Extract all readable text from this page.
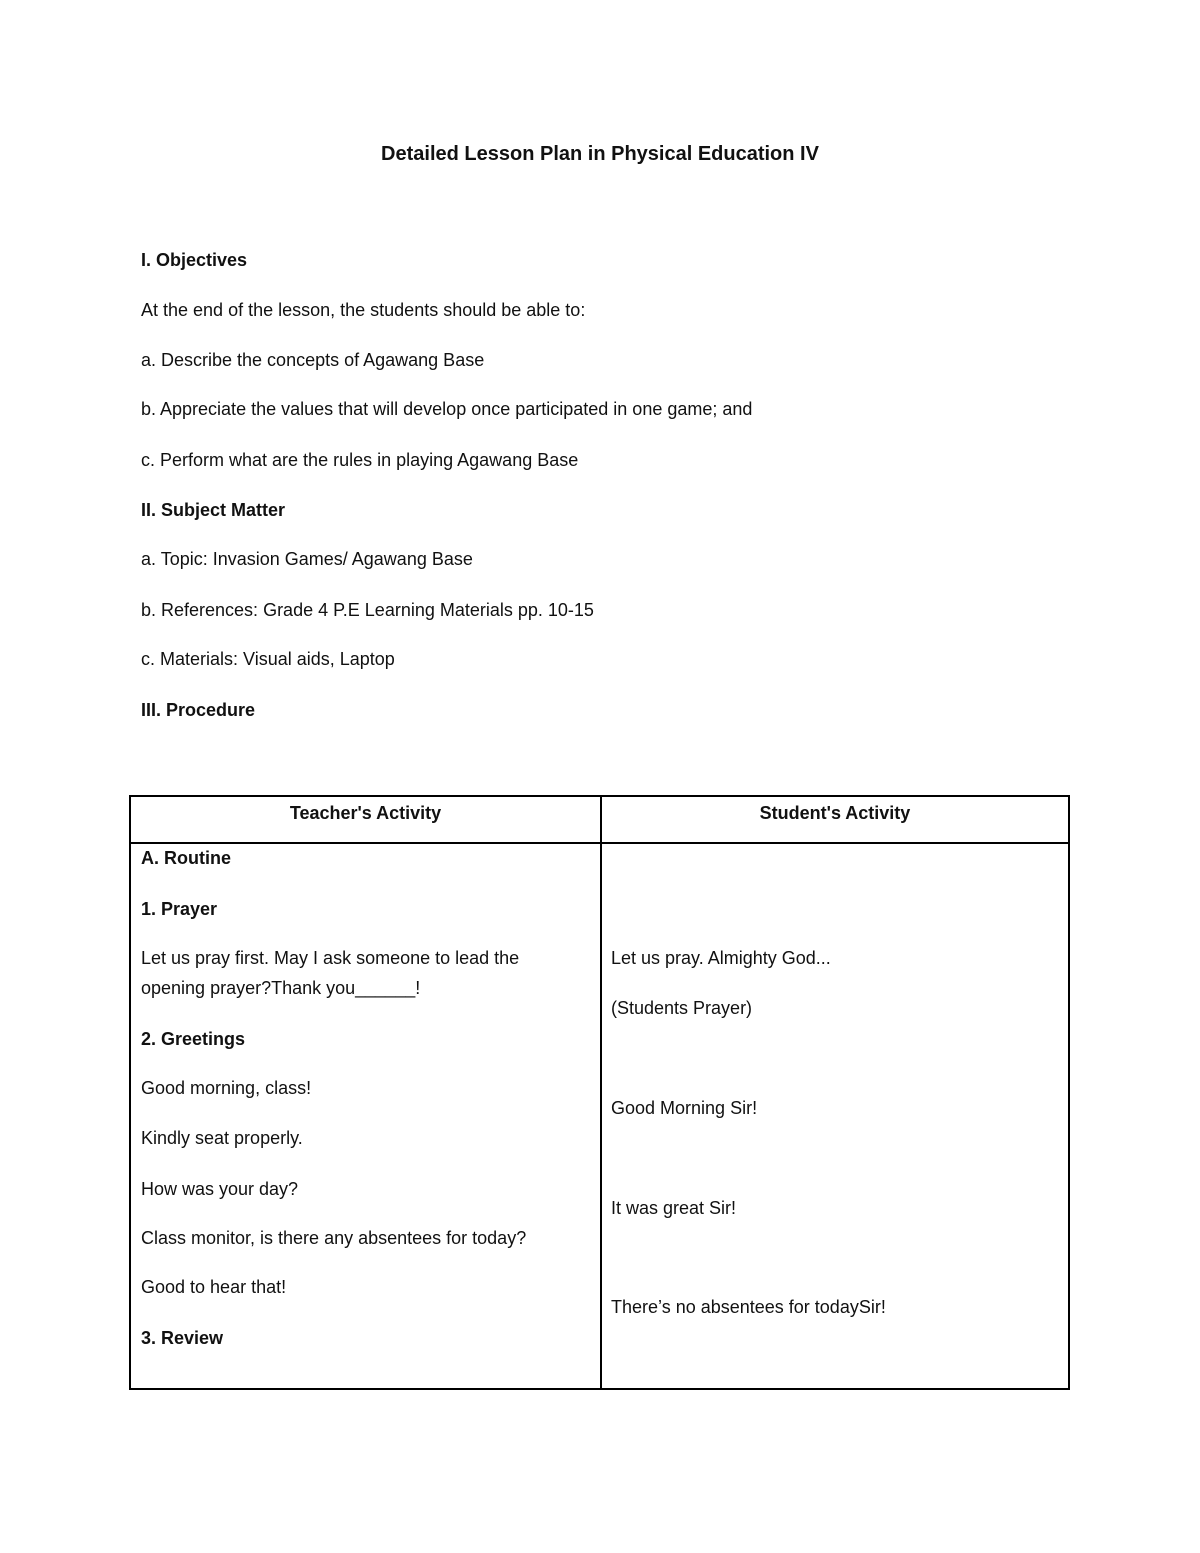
Detailed Lesson Plan in Physical Education IV
I. Objectives
At the end of the lesson, the students should be able to:
a. Describe the concepts of Agawang Base
b. Appreciate the values that will develop once participated in one game; and
c. Perform what are the rules in playing Agawang Base
II. Subject Matter
a. Topic: Invasion Games/ Agawang Base
b. References: Grade 4 P.E Learning Materials pp. 10-15
c. Materials: Visual aids, Laptop
III. Procedure
Teacher's Activity	Student's Activity
A. Routine
1. Prayer
Let us pray first. May I ask someone to lead the
opening prayer?Thank you______!
2. Greetings
Good morning, class!
Kindly seat properly.
How was your day?
Class monitor, is there any absentees for today?
Good to hear that!
3. Review
Let us pray. Almighty God...
(Students Prayer)
Good Morning Sir!
It was great Sir!
There’s no absentees for todaySir!
